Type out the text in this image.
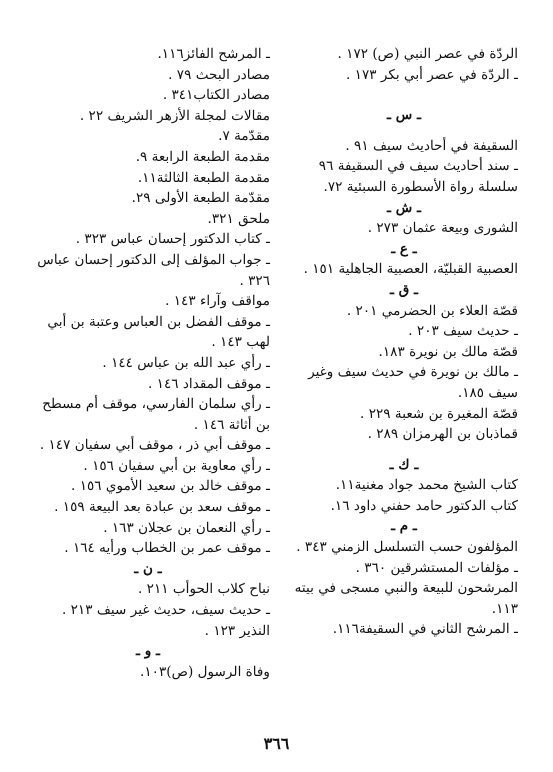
الردّة في عصر النبي (ص) ١٧٢ .
ـ الردّة في عصر أبي بكر ١٧٣ .
ـ س ـ
السقيفة في أحاديث سيف ٩١ .
ـ سند أحاديث سيف في السقيفة ٩٦
سلسلة رواة الأسطورة السبئية ٧٢.
ـ ش ـ
الشورى وبيعة عثمان ٢٧٣ .
ـ ع ـ
العصبية القبليّة، العصبية الجاهلية ١٥١ .
ـ ق ـ
قصّة العلاء بن الحضرمي ٢٠١ .
ـ حديث سيف ٢٠٣ .
قصّة مالك بن نويرة ١٨٣.
ـ مالك بن نويرة في حديث سيف وغير سيف ١٨٥.
قصّة المغيرة بن شعبة ٢٢٩ .
قماذبان بن الهرمزان ٢٨٩ .
ـ ك ـ
كتاب الشيخ محمد جواد مغنية١١.
كتاب الدكتور حامد حفني داود ١٦.
ـ م ـ
المؤلفون حسب التسلسل الزمني ٣٤٣ .
ـ مؤلفات المستشرقين ٣٦٠ .
المرشحون للبيعة والنبي مسجى في بيته ١١٣.
ـ المرشح الثاني في السقيفة١١٦.
ـ المرشح الفائز١١٦.
مصادر البحث ٧٩ .
مصادر الكتاب٣٤١ .
مقالات لمجلة الأزهر الشريف ٢٢ .
مقدّمة ٧.
مقدمة الطبعة الرابعة ٩.
مقدمة الطبعة الثالثة١١.
مقدّمة الطبعة الأولى ٢٩.
ملحق ٣٢١.
ـ كتاب الدكتور إحسان عباس ٣٢٣ .
ـ جواب المؤلف إلى الدكتور إحسان عباس ٣٢٦ .
مواقف وآراء ١٤٣ .
ـ موقف الفضل بن العباس وعتبة بن أبي لهب ١٤٣ .
ـ رأي عبد الله بن عباس ١٤٤ .
ـ موقف المقداد ١٤٦ .
ـ رأي سلمان الفارسي، موقف أم مسطح بن أثاثة ١٤٦ .
ـ موقف أبي ذر ، موقف أبي سفيان ١٤٧ .
ـ رأي معاوية بن أبي سفيان ١٥٦ .
ـ موقف خالد بن سعيد الأموي ١٥٦ .
ـ موقف سعد بن عبادة بعد البيعة ١٥٩ .
ـ رأي النعمان بن عجلان ١٦٣ .
ـ موقف عمر بن الخطاب ورأيه ١٦٤ .
ـ ن ـ
نباح كلاب الحوأب ٢١١ .
ـ حديث سيف، حديث غير سيف ٢١٣ .
النذير ١٢٣ .
ـ و ـ
وفاة الرسول (ص)١٠٣.
٣٦٦
